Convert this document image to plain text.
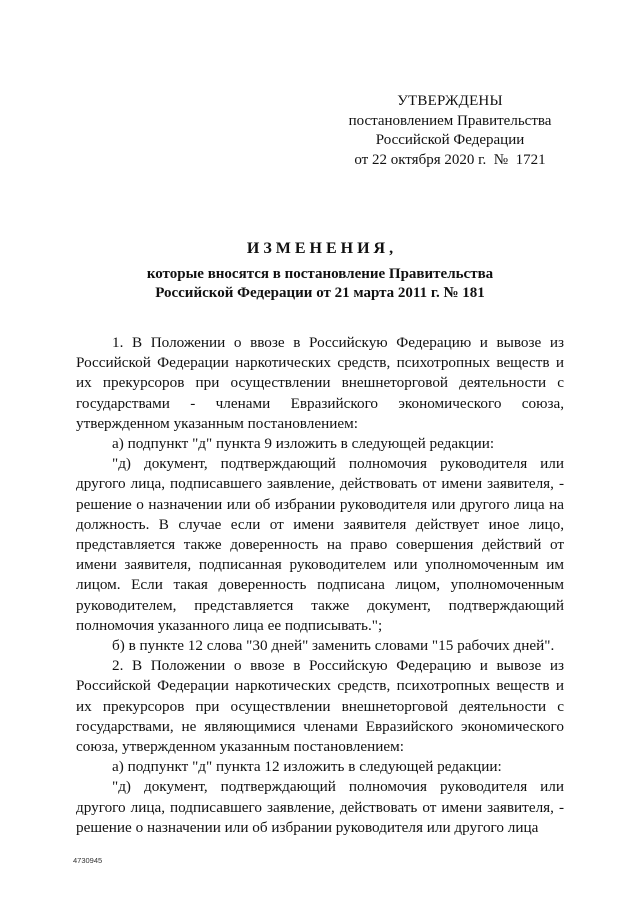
УТВЕРЖДЕНЫ
постановлением Правительства
Российской Федерации
от 22 октября 2020 г.  №  1721
ИЗМЕНЕНИЯ,
которые вносятся в постановление Правительства
Российской Федерации от 21 марта 2011 г. № 181

1. В Положении о ввозе в Российскую Федерацию и вывозе из Российской Федерации наркотических средств, психотропных веществ и их прекурсоров при осуществлении внешнеторговой деятельности с государствами - членами Евразийского экономического союза, утвержденном указанным постановлением:

а) подпункт "д" пункта 9 изложить в следующей редакции:

"д) документ, подтверждающий полномочия руководителя или другого лица, подписавшего заявление, действовать от имени заявителя, - решение о назначении или об избрании руководителя или другого лица на должность. В случае если от имени заявителя действует иное лицо, представляется также доверенность на право совершения действий от имени заявителя, подписанная руководителем или уполномоченным им лицом. Если такая доверенность подписана лицом, уполномоченным руководителем, представляется также документ, подтверждающий полномочия указанного лица ее подписывать.";

б) в пункте 12 слова "30 дней" заменить словами "15 рабочих дней".

2. В Положении о ввозе в Российскую Федерацию и вывозе из Российской Федерации наркотических средств, психотропных веществ и их прекурсоров при осуществлении внешнеторговой деятельности с государствами, не являющимися членами Евразийского экономического союза, утвержденном указанным постановлением:

а) подпункт "д" пункта 12 изложить в следующей редакции:

"д) документ, подтверждающий полномочия руководителя или другого лица, подписавшего заявление, действовать от имени заявителя, - решение о назначении или об избрании руководителя или другого лица

4730945
